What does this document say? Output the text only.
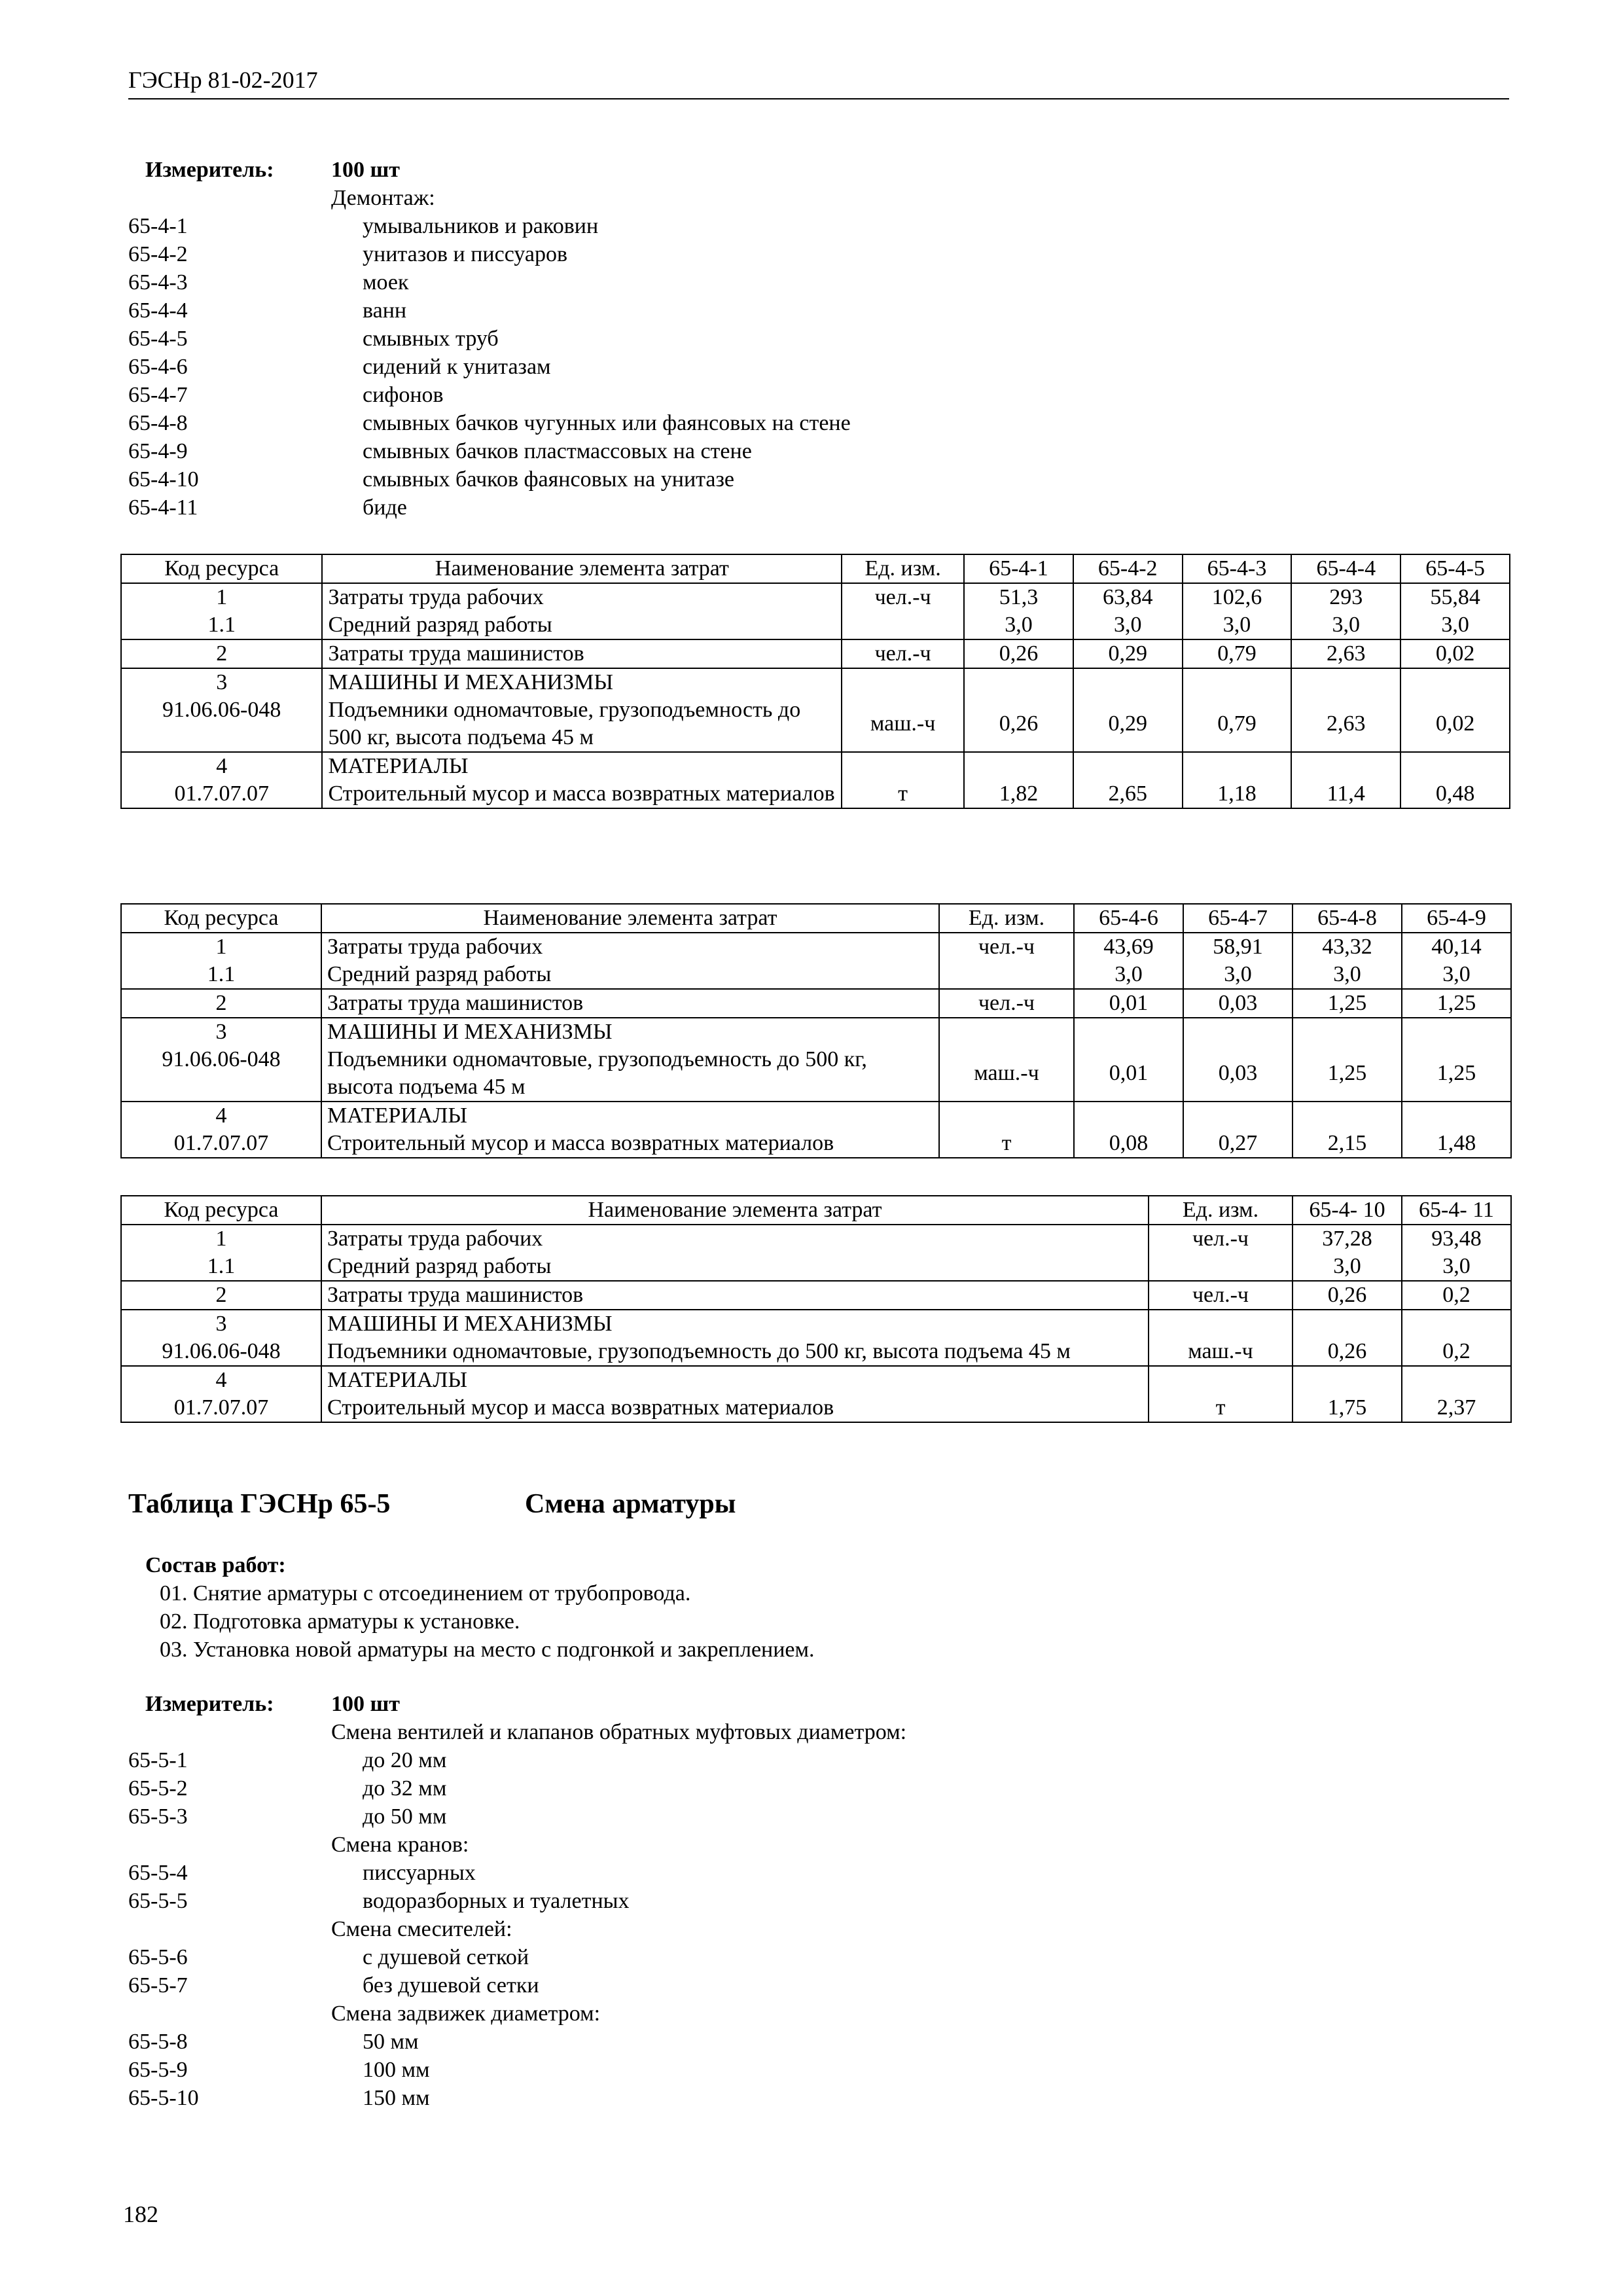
ГЭСНр 81-02-2017
Измеритель:	100 шт
Демонтаж:
65-4-1	умывальников и раковин
65-4-2	унитазов и писсуаров
65-4-3	моек
65-4-4	ванн
65-4-5	смывных труб
65-4-6	сидений к унитазам
65-4-7	сифонов
65-4-8	смывных бачков чугунных или фаянсовых на стене
65-4-9	смывных бачков пластмассовых на стене
65-4-10	смывных бачков фаянсовых на унитазе
65-4-11	биде
Код ресурса	Наименование элемента затрат	Ед. изм.	65-4-1	65-4-2	65-4-3	65-4-4	65-4-5
1	Затраты труда рабочих	чел.-ч	51,3	63,84	102,6	293	55,84
1.1	Средний разряд работы		3,0	3,0	3,0	3,0	3,0
2	Затраты труда машинистов	чел.-ч	0,26	0,29	0,79	2,63	0,02
3	МАШИНЫ И МЕХАНИЗМЫ						
91.06.06-048	Подъемники одномачтовые, грузоподъемность до 500 кг, высота подъема 45 м	маш.-ч	0,26	0,29	0,79	2,63	0,02
4	МАТЕРИАЛЫ						
01.7.07.07	Строительный мусор и масса возвратных материалов	т	1,82	2,65	1,18	11,4	0,48
Код ресурса	Наименование элемента затрат	Ед. изм.	65-4-6	65-4-7	65-4-8	65-4-9
1	Затраты труда рабочих	чел.-ч	43,69	58,91	43,32	40,14
1.1	Средний разряд работы		3,0	3,0	3,0	3,0
2	Затраты труда машинистов	чел.-ч	0,01	0,03	1,25	1,25
3	МАШИНЫ И МЕХАНИЗМЫ					
91.06.06-048	Подъемники одномачтовые, грузоподъемность до 500 кг, высота подъема 45 м	маш.-ч	0,01	0,03	1,25	1,25
4	МАТЕРИАЛЫ					
01.7.07.07	Строительный мусор и масса возвратных материалов	т	0,08	0,27	2,15	1,48
Код ресурса	Наименование элемента затрат	Ед. изм.	65-4- 10	65-4- 11
1	Затраты труда рабочих	чел.-ч	37,28	93,48
1.1	Средний разряд работы		3,0	3,0
2	Затраты труда машинистов	чел.-ч	0,26	0,2
3	МАШИНЫ И МЕХАНИЗМЫ			
91.06.06-048	Подъемники одномачтовые, грузоподъемность до 500 кг, высота подъема 45 м	маш.-ч	0,26	0,2
4	МАТЕРИАЛЫ			
01.7.07.07	Строительный мусор и масса возвратных материалов	т	1,75	2,37
Таблица ГЭСНр 65-5	Смена арматуры
Состав работ:
01. Снятие арматуры с отсоединением от трубопровода.
02. Подготовка арматуры к установке.
03. Установка новой арматуры на место с подгонкой и закреплением.
Измеритель:	100 шт
Смена вентилей и клапанов обратных муфтовых диаметром:
65-5-1	до 20 мм
65-5-2	до 32 мм
65-5-3	до 50 мм
Смена кранов:
65-5-4	писсуарных
65-5-5	водоразборных и туалетных
Смена смесителей:
65-5-6	с душевой сеткой
65-5-7	без душевой сетки
Смена задвижек диаметром:
65-5-8	50 мм
65-5-9	100 мм
65-5-10	150 мм
182
